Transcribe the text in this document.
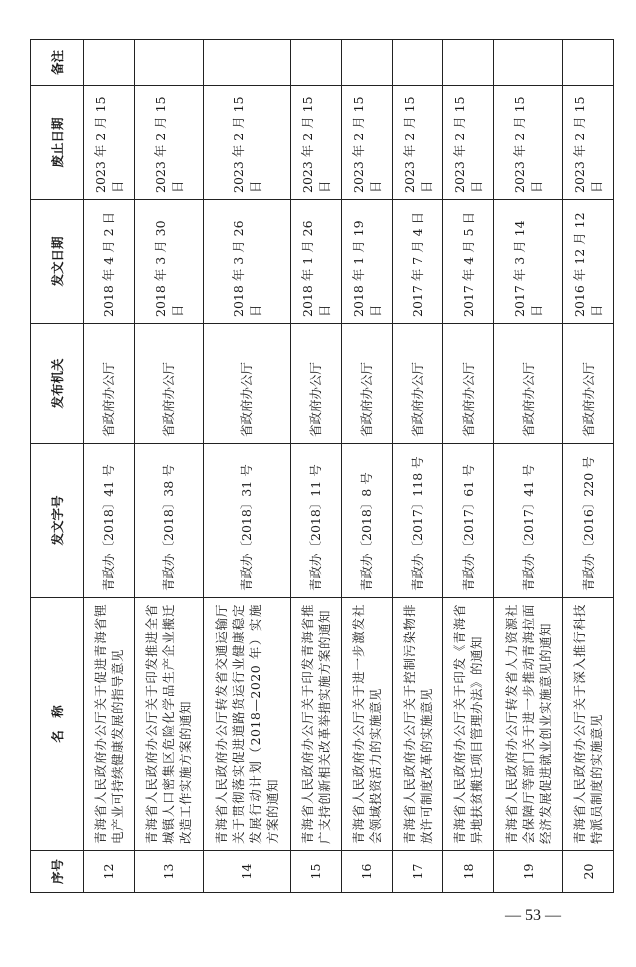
序号	名　称	发文字号	发布机关	发文日期	废止日期	备注
12	青海省人民政府办公厅关于促进青海省锂电产业可持续健康发展的指导意见	青政办〔2018〕41 号	省政府办公厅	2018 年 4 月 2 日	2023 年 2 月 15 日	
13	青海省人民政府办公厅关于印发推进全省城镇人口密集区危险化学品生产企业搬迁改造工作实施方案的通知	青政办〔2018〕38 号	省政府办公厅	2018 年 3 月 30 日	2023 年 2 月 15 日	
14	青海省人民政府办公厅转发省交通运输厅关于贯彻落实促进道路货运行业健康稳定发展行动计划（2018—2020 年）实施方案的通知	青政办〔2018〕31 号	省政府办公厅	2018 年 3 月 26 日	2023 年 2 月 15 日	
15	青海省人民政府办公厅关于印发青海省推广支持创新相关改革举措实施方案的通知	青政办〔2018〕11 号	省政府办公厅	2018 年 1 月 26 日	2023 年 2 月 15 日	
16	青海省人民政府办公厅关于进一步激发社会领域投资活力的实施意见	青政办〔2018〕8 号	省政府办公厅	2018 年 1 月 19 日	2023 年 2 月 15 日	
17	青海省人民政府办公厅关于控制污染物排放许可制度改革的实施意见	青政办〔2017〕118 号	省政府办公厅	2017 年 7 月 4 日	2023 年 2 月 15 日	
18	青海省人民政府办公厅关于印发《青海省异地扶贫搬迁项目管理办法》的通知	青政办〔2017〕61 号	省政府办公厅	2017 年 4 月 5 日	2023 年 2 月 15 日	
19	青海省人民政府办公厅转发省人力资源社会保障厅等部门关于进一步推动青海拉面经济发展促进就业创业实施意见的通知	青政办〔2017〕41 号	省政府办公厅	2017 年 3 月 14 日	2023 年 2 月 15 日	
20	青海省人民政府办公厅关于深入推行科技特派员制度的实施意见	青政办〔2016〕220 号	省政府办公厅	2016 年 12 月 12 日	2023 年 2 月 15 日	
— 53 —
